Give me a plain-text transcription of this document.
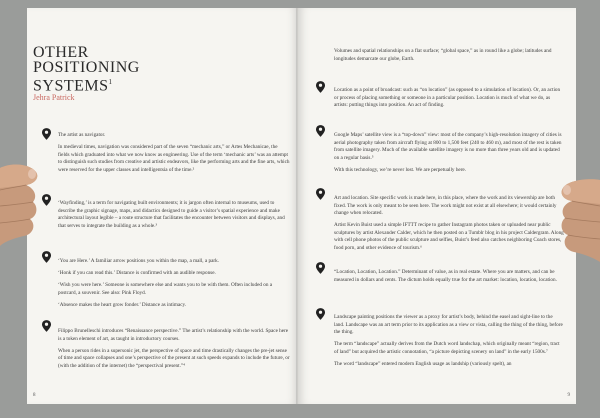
OTHER
POSITIONING
SYSTEMS$^1$
Jehra Patrick

The artist as navigator.

In medieval times, navigation was considered part of the seven “mechanic arts,” or Artes Mechanicae, the fields which graduated into what we now know as engineering. Use of the term ‘mechanic arts’ was an attempt to distinguish such studies from creative and artistic endeavors, like the performing arts and the fine arts, which were reserved for the upper classes and intelligentsia of the time.²

‘Wayfinding,’ is a term for navigating built environments; it is jargon often internal to museums, used to describe the graphic signage, maps, and didactics designed to guide a visitor’s spatial experience and make architectural layout legible – a route structure that facilitates the encounter between visitors and displays, and that serves to integrate the building as a whole.³

‘You are Here.’ A familiar arrow positions you within the map, a mall, a park.

‘Honk if you can read this.’ Distance is confirmed with an audible response.

‘Wish you were here.’ Someone is somewhere else and wants you to be with them. Often included on a postcard, a souvenir. See also: Pink Floyd.

‘Absence makes the heart grow fonder.’ Distance as intimacy.

Filippo Brunelleschi introduces “Renaissance perspective.” The artist’s relationship with the world. Space here is a token element of art, as taught in introductory courses.

When a person rides in a supersonic jet, the perspective of space and time drastically changes the pre-jet sense of time and space collapses and one’s perspective of the present at such speeds expands to include the future, or (with the addition of the internet) the “perspectival present.”⁴

8

Volumes and spatial relationships on a flat surface; “global space,” as in round like a globe; latitudes and longitudes demarcate our globe, Earth.

Location as a point of broadcast: such as “on location” (as opposed to a simulation of location). Or, an action or process of placing something or someone in a particular position. Location is much of what we do, as artists: putting things into position. An act of finding.

Google Maps’ satellite view is a “top-down” view: most of the company’s high-resolution imagery of cities is aerial photography taken from aircraft flying at 800 to 1,500 feet (240 to 460 m), and most of the rest is taken from satellite imagery. Much of the available satellite imagery is no more than three years old and is updated on a regular basis.⁵

With this technology, we’re never lost. We are perpetually here.

Art and location. Site specific work is made here, in this place, where the work and its viewership are both fixed. The work is only meant to be seen here. The work might not exist at all elsewhere; it would certainly change when relocated.

Artist Kevin Buist used a simple IFTTT recipe to gather Instagram photos taken or uploaded near public sculptures by artist Alexander Calder, which he then posted on a Tumblr blog in his project Caldergram. Along with cell phone photos of the public sculpture and selfies, Buist’s feed also catches neighboring Coach stores, food porn, and other evidence of tourism.⁶

“Location, Location, Location.” Determinant of value, as in real estate. Where you are matters, and can be measured in dollars and cents. The dictum holds equally true for the art market: location, location, location.

Landscape painting positions the viewer as a proxy for artist’s body, behind the easel and sight-line to the land. Landscape was an art term prior to its application as a view or vista, calling the thing of the thing, before the thing.

The term “landscape” actually derives from the Dutch word landschap, which originally meant “region, tract of land” but acquired the artistic connotation, “a picture depicting scenery on land” in the early 1500s.⁷

The word “landscape” entered modern English usage as landship (variously spelt), an

9
